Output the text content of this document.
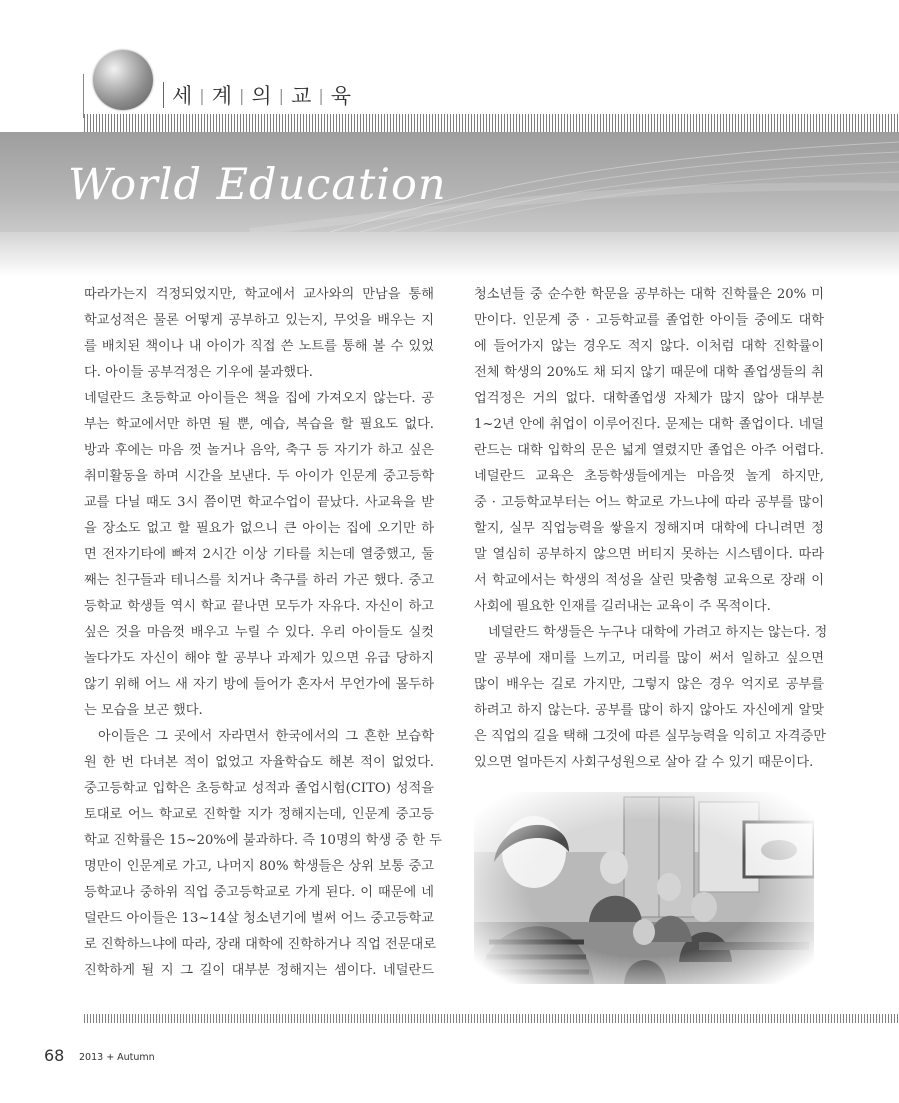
세 | 계 | 의 | 교 | 육
World Education
따라가는지 걱정되었지만, 학교에서 교사와의 만남을 통해
학교성적은 물론 어떻게 공부하고 있는지, 무엇을 배우는 지
를 배치된 책이나 내 아이가 직접 쓴 노트를 통해 볼 수 있었
다. 아이들 공부걱정은 기우에 불과했다.
네덜란드 초등학교 아이들은 책을 집에 가져오지 않는다. 공
부는 학교에서만 하면 될 뿐, 예습, 복습을 할 필요도 없다.
방과 후에는 마음 껏 놀거나 음악, 축구 등 자기가 하고 싶은
취미활동을 하며 시간을 보낸다. 두 아이가 인문계 중고등학
교를 다닐 때도 3시 쯤이면 학교수업이 끝났다. 사교육을 받
을 장소도 없고 할 필요가 없으니 큰 아이는 집에 오기만 하
면 전자기타에 빠져 2시간 이상 기타를 치는데 열중했고, 둘
째는 친구들과 테니스를 치거나 축구를 하러 가곤 했다. 중고
등학교 학생들 역시 학교 끝나면 모두가 자유다. 자신이 하고
싶은 것을 마음껏 배우고 누릴 수 있다. 우리 아이들도 실컷
놀다가도 자신이 해야 할 공부나 과제가 있으면 유급 당하지
않기 위해 어느 새 자기 방에 들어가 혼자서 무언가에 몰두하
는 모습을 보곤 했다.
아이들은 그 곳에서 자라면서 한국에서의 그 흔한 보습학
원 한 번 다녀본 적이 없었고 자율학습도 해본 적이 없었다.
중고등학교 입학은 초등학교 성적과 졸업시험(CITO) 성적을
토대로 어느 학교로 진학할 지가 정해지는데, 인문계 중고등
학교 진학률은 15~20%에 불과하다. 즉 10명의 학생 중 한 두
명만이 인문계로 가고, 나머지 80% 학생들은 상위 보통 중고
등학교나 중하위 직업 중고등학교로 가게 된다. 이 때문에 네
덜란드 아이들은 13~14살 청소년기에 벌써 어느 중고등학교
로 진학하느냐에 따라, 장래 대학에 진학하거나 직업 전문대로
진학하게 될 지 그 길이 대부분 정해지는 셈이다. 네덜란드
청소년들 중 순수한 학문을 공부하는 대학 진학률은 20% 미
만이다. 인문계 중 · 고등학교를 졸업한 아이들 중에도 대학
에 들어가지 않는 경우도 적지 않다. 이처럼 대학 진학률이
전체 학생의 20%도 채 되지 않기 때문에 대학 졸업생들의 취
업걱정은 거의 없다. 대학졸업생 자체가 많지 않아 대부분
1~2년 안에 취업이 이루어진다. 문제는 대학 졸업이다. 네덜
란드는 대학 입학의 문은 넓게 열렸지만 졸업은 아주 어렵다.
네덜란드 교육은 초등학생들에게는 마음껏 놀게 하지만,
중 · 고등학교부터는 어느 학교로 가느냐에 따라 공부를 많이
할지, 실무 직업능력을 쌓을지 정해지며 대학에 다니려면 정
말 열심히 공부하지 않으면 버티지 못하는 시스템이다. 따라
서 학교에서는 학생의 적성을 살린 맞춤형 교육으로 장래 이
사회에 필요한 인재를 길러내는 교육이 주 목적이다.
네덜란드 학생들은 누구나 대학에 가려고 하지는 않는다. 정
말 공부에 재미를 느끼고, 머리를 많이 써서 일하고 싶으면
많이 배우는 길로 가지만, 그렇지 않은 경우 억지로 공부를
하려고 하지 않는다. 공부를 많이 하지 않아도 자신에게 알맞
은 직업의 길을 택해 그것에 따른 실무능력을 익히고 자격증만
있으면 얼마든지 사회구성원으로 살아 갈 수 있기 때문이다.
68 2013 + Autumn
